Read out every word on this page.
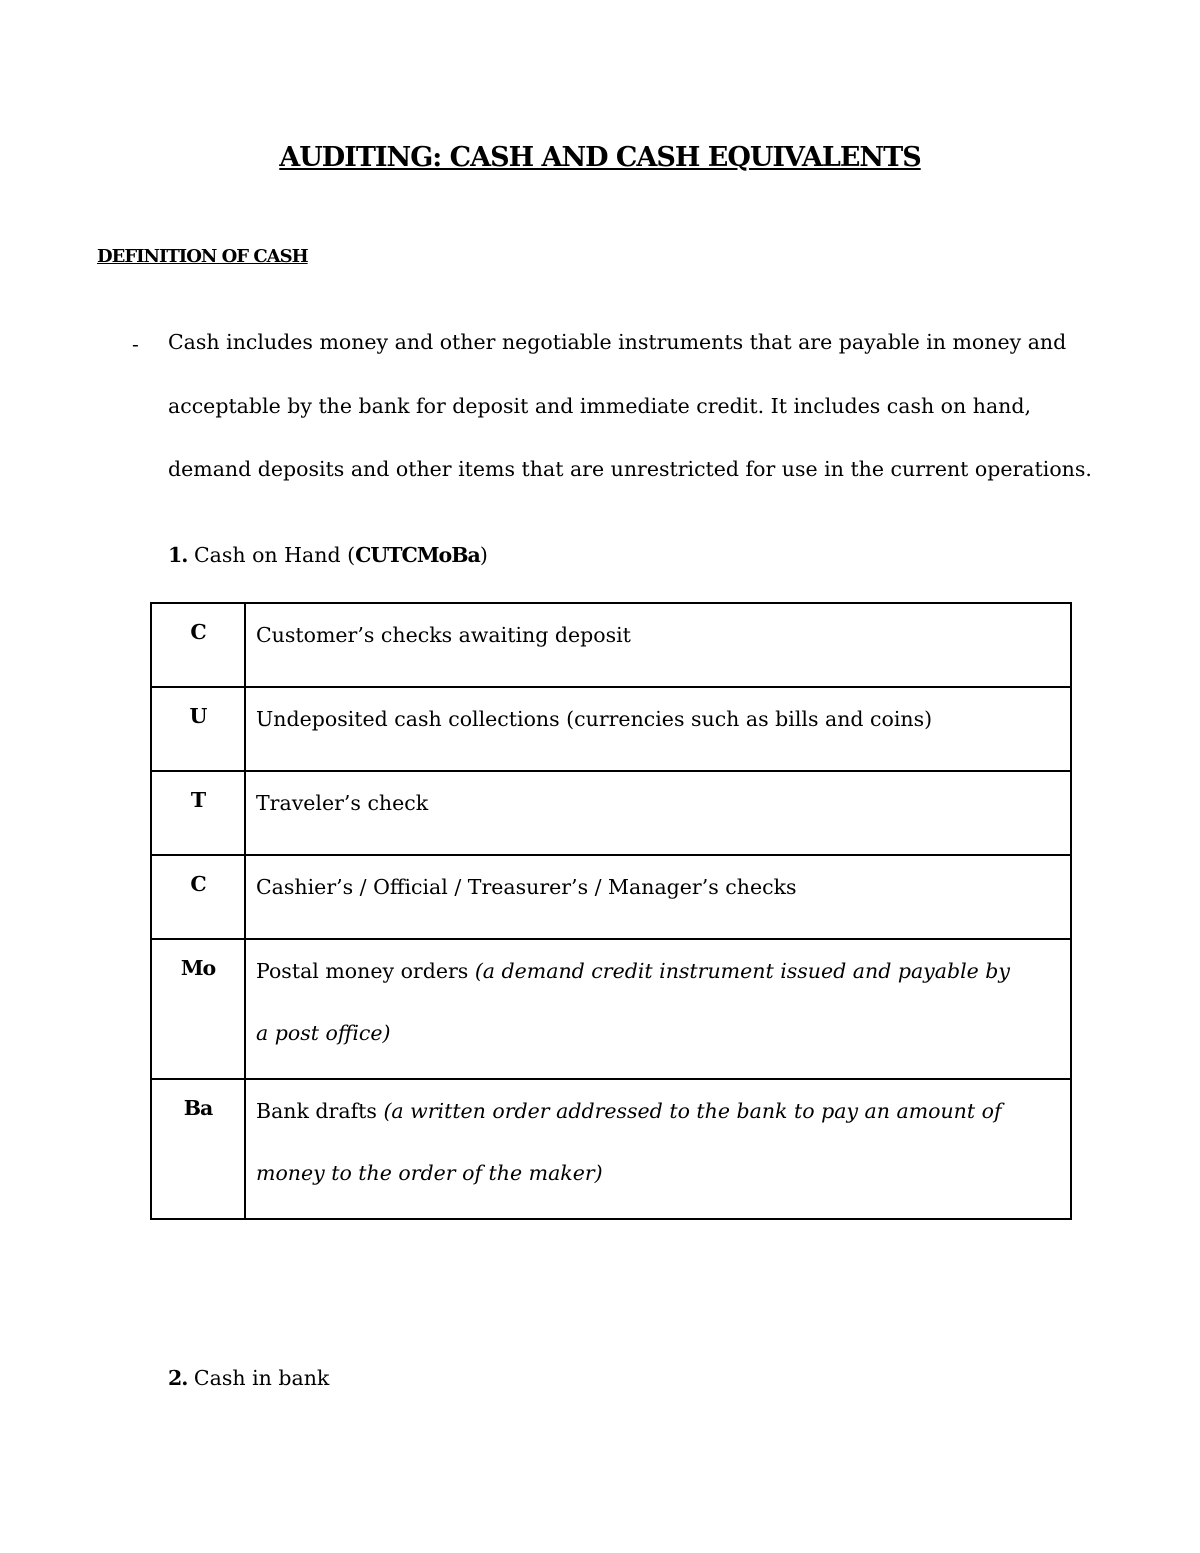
AUDITING: CASH AND CASH EQUIVALENTS
DEFINITION OF CASH
- Cash includes money and other negotiable instruments that are payable in money and
acceptable by the bank for deposit and immediate credit. It includes cash on hand,
demand deposits and other items that are unrestricted for use in the current operations.
1. Cash on Hand (CUTCMoBa)
C	Customer’s checks awaiting deposit

U	Undeposited cash collections (currencies such as bills and coins)

T	Traveler’s check

C	Cashier’s / Official / Treasurer’s / Manager’s checks

Mo	Postal money orders (a demand credit instrument issued and payable by
a post office)

Ba	Bank drafts (a written order addressed to the bank to pay an amount of
money to the order of the maker)
2. Cash in bank
